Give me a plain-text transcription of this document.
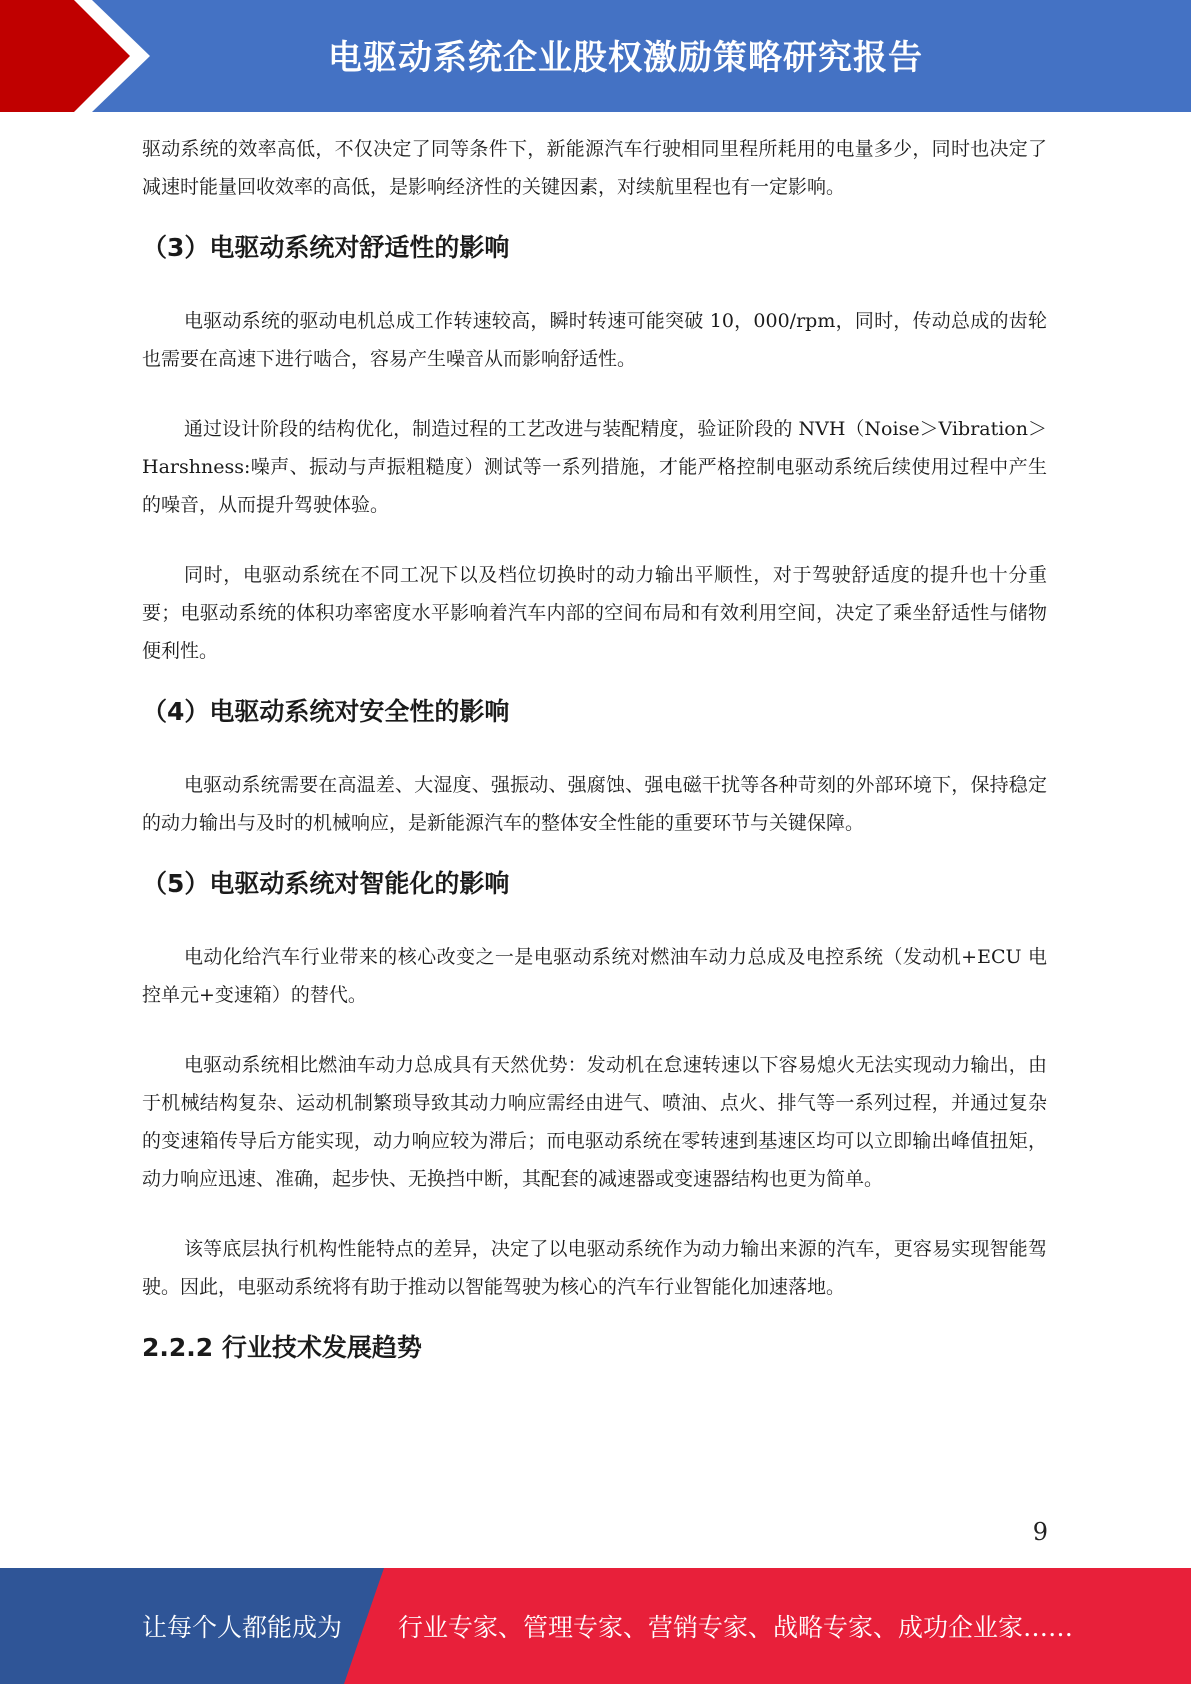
电驱动系统企业股权激励策略研究报告

驱动系统的效率高低，不仅决定了同等条件下，新能源汽车行驶相同里程所耗用的电量多少，同时也决定了减速时能量回收效率的高低，是影响经济性的关键因素，对续航里程也有一定影响。

（3）电驱动系统对舒适性的影响

电驱动系统的驱动电机总成工作转速较高，瞬时转速可能突破 10，000/rpm，同时，传动总成的齿轮也需要在高速下进行啮合，容易产生噪音从而影响舒适性。

通过设计阶段的结构优化，制造过程的工艺改进与装配精度，验证阶段的 NVH（Noise＞Vibration＞Harshness:噪声、振动与声振粗糙度）测试等一系列措施，才能严格控制电驱动系统后续使用过程中产生的噪音，从而提升驾驶体验。

同时，电驱动系统在不同工况下以及档位切换时的动力输出平顺性，对于驾驶舒适度的提升也十分重要；电驱动系统的体积功率密度水平影响着汽车内部的空间布局和有效利用空间，决定了乘坐舒适性与储物便利性。

（4）电驱动系统对安全性的影响

电驱动系统需要在高温差、大湿度、强振动、强腐蚀、强电磁干扰等各种苛刻的外部环境下，保持稳定的动力输出与及时的机械响应，是新能源汽车的整体安全性能的重要环节与关键保障。

（5）电驱动系统对智能化的影响

电动化给汽车行业带来的核心改变之一是电驱动系统对燃油车动力总成及电控系统（发动机+ECU 电控单元+变速箱）的替代。

电驱动系统相比燃油车动力总成具有天然优势：发动机在怠速转速以下容易熄火无法实现动力输出，由于机械结构复杂、运动机制繁琐导致其动力响应需经由进气、喷油、点火、排气等一系列过程，并通过复杂的变速箱传导后方能实现，动力响应较为滞后；而电驱动系统在零转速到基速区均可以立即输出峰值扭矩，动力响应迅速、准确，起步快、无换挡中断，其配套的减速器或变速器结构也更为简单。

该等底层执行机构性能特点的差异，决定了以电驱动系统作为动力输出来源的汽车，更容易实现智能驾驶。因此，电驱动系统将有助于推动以智能驾驶为核心的汽车行业智能化加速落地。

2.2.2 行业技术发展趋势
9
让每个人都能成为 行业专家、管理专家、营销专家、战略专家、成功企业家……
